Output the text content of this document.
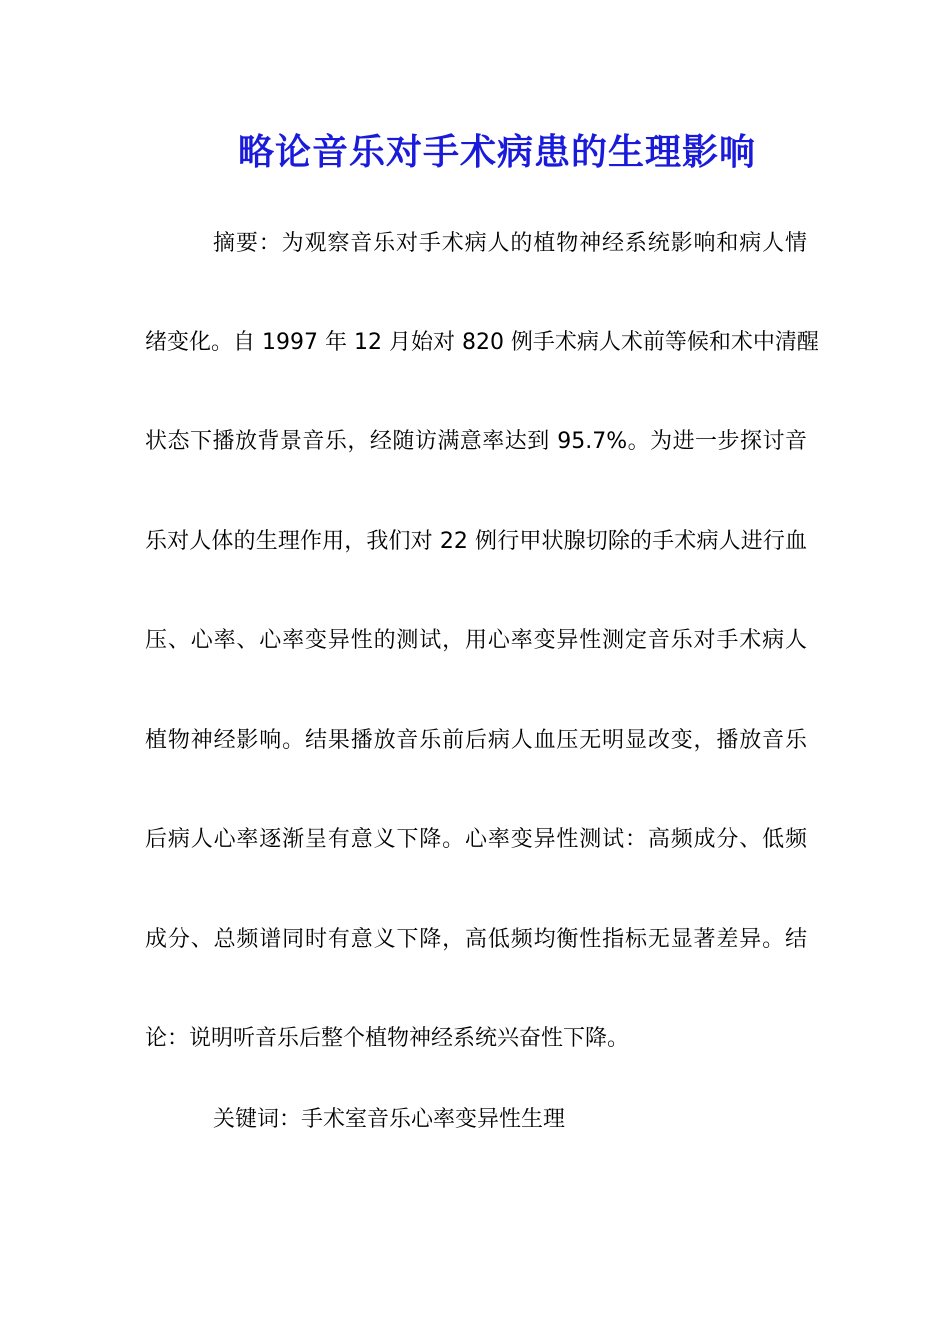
略论音乐对手术病患的生理影响
摘要：为观察音乐对手术病人的植物神经系统影响和病人情
绪变化。自 1997 年 12 月始对 820 例手术病人术前等候和术中清醒
状态下播放背景音乐，经随访满意率达到 95.7%。为进一步探讨音
乐对人体的生理作用，我们对 22 例行甲状腺切除的手术病人进行血
压、心率、心率变异性的测试，用心率变异性测定音乐对手术病人
植物神经影响。结果播放音乐前后病人血压无明显改变，播放音乐
后病人心率逐渐呈有意义下降。心率变异性测试：高频成分、低频
成分、总频谱同时有意义下降，高低频均衡性指标无显著差异。结
论：说明听音乐后整个植物神经系统兴奋性下降。
关键词：手术室音乐心率变异性生理
